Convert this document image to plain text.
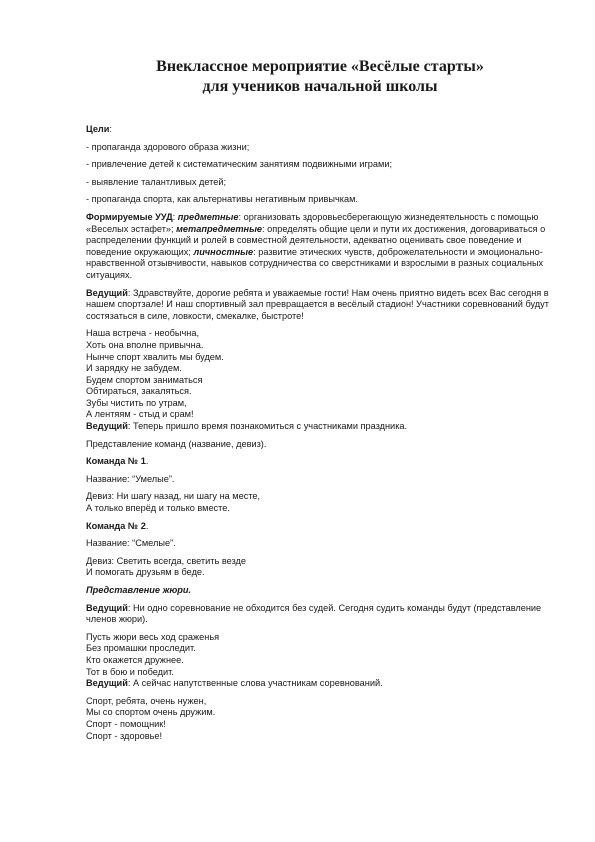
Внеклассное мероприятие «Весёлые старты»
для учеников начальной школы

Цели:

- пропаганда здорового образа жизни;

- привлечение детей к систематическим занятиям подвижными играми;

- выявление талантливых детей;

- пропаганда спорта, как альтернативы негативным привычкам.

Формируемые УУД: предметные: организовать здоровьесберегающую жизнедеятельность с помощью «Веселых эстафет»; метапредметные: определять общие цели и пути их достижения, договариваться о распределении функций и ролей в совместной деятельности, адекватно оценивать свое поведение и поведение окружающих; личностные: развитие этических чувств, доброжелательности и эмоционально-нравственной отзывчивости, навыков сотрудничества со сверстниками и взрослыми в разных социальных ситуациях.

Ведущий: Здравствуйте, дорогие ребята и уважаемые гости! Нам очень приятно видеть всех Вас сегодня в нашем спортзале! И наш спортивный зал превращается в весёлый стадион! Участники соревнований будут состязаться в силе, ловкости, смекалке, быстроте!

Наша встреча - необычна,
Хоть она вполне привычна.
Нынче спорт хвалить мы будем.
И зарядку не забудем.
Будем спортом заниматься
Обтираться, закаляться.
Зубы чистить по утрам,
А лентяям - стыд и срам!

Ведущий: Теперь пришло время познакомиться с участниками праздника.

Представление команд (название, девиз).

Команда № 1.

Название: “Умелые”.

Девиз: Ни шагу назад, ни шагу на месте,
А только вперёд и только вместе.

Команда № 2.

Название: “Смелые”.

Девиз: Светить всегда, светить везде
И помогать друзьям в беде.

Представление жюри.

Ведущий: Ни одно соревнование не обходится без судей. Сегодня судить команды будут (представление членов жюри).

Пусть жюри весь ход сраженья
Без промашки проследит.
Кто окажется дружнее.
Тот в бою и победит.

Ведущий: А сейчас напутственные слова участникам соревнований.

Спорт, ребята, очень нужен,
Мы со спортом очень дружим.
Спорт - помощник!
Спорт - здоровье!
